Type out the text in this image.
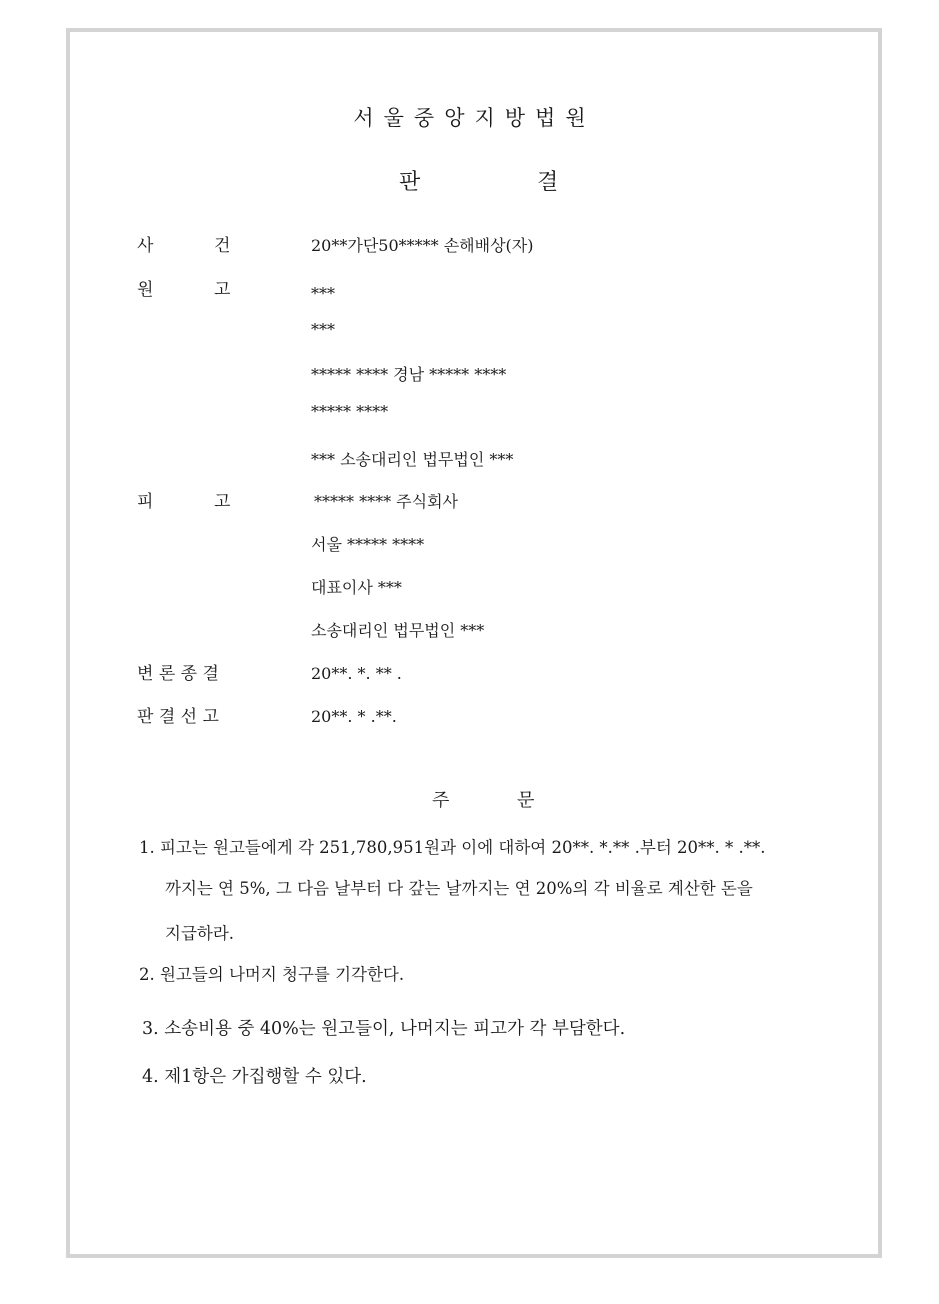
서울중앙지방법원
판	결
사	건	20**가단50***** 손해배상(자)
원	고	***
***
***** **** 경남 ***** ****
***** ****
*** 소송대리인 법무법인 ***
피	고	***** **** 주식회사
서울 ***** ****
대표이사 ***
소송대리인 법무법인 ***
변 론 종 결	20**. *. ** .
판 결 선 고	20**. * .**.
주	문
1. 피고는 원고들에게 각 251,780,951원과 이에 대하여 20**. *.** .부터 20**. * .**.
까지는 연 5%, 그 다음 날부터 다 갚는 날까지는 연 20%의 각 비율로 계산한 돈을
지급하라.
2. 원고들의 나머지 청구를 기각한다.
3. 소송비용 중 40%는 원고들이, 나머지는 피고가 각 부담한다.
4. 제1항은 가집행할 수 있다.
